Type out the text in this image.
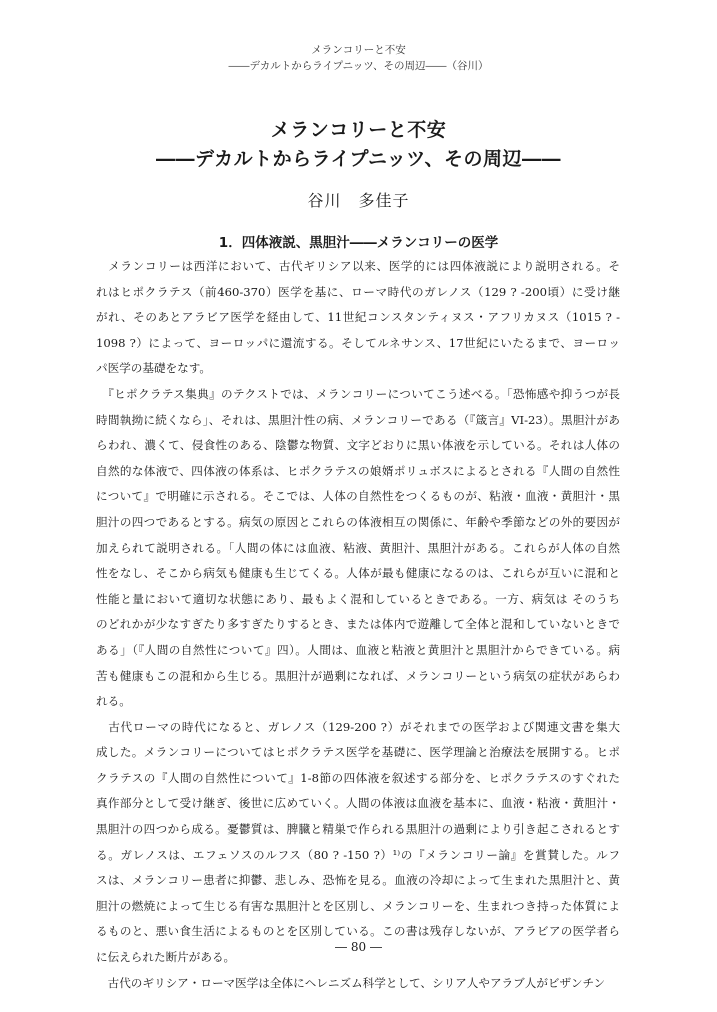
メランコリーと不安
――デカルトからライプニッツ、その周辺――（谷川）
メランコリーと不安
――デカルトからライプニッツ、その周辺――
谷川　多佳子
1．四体液説、黒胆汁――メランコリーの医学
　メランコリーは西洋において、古代ギリシア以来、医学的には四体液説により説明される。そ
れはヒポクラテス（前460-370）医学を基に、ローマ時代のガレノス（129 ? -200頃）に受け継
がれ、そのあとアラビア医学を経由して、11世紀コンスタンティヌス・アフリカヌス（1015 ? -
1098 ?）によって、ヨーロッパに還流する。そしてルネサンス、17世紀にいたるまで、ヨーロッ
パ医学の基礎をなす。
　『ヒポクラテス集典』のテクストでは、メランコリーについてこう述べる。「恐怖感や抑うつが長
時間執拗に続くなら」、それは、黒胆汁性の病、メランコリーである（『箴言』VI-23）。黒胆汁があ
らわれ、濃くて、侵食性のある、陰鬱な物質、文字どおりに黒い体液を示している。それは人体の
自然的な体液で、四体液の体系は、ヒポクラテスの娘婿ポリュボスによるとされる『人間の自然性
について』で明確に示される。そこでは、人体の自然性をつくるものが、粘液・血液・黄胆汁・黒
胆汁の四つであるとする。病気の原因とこれらの体液相互の関係に、年齢や季節などの外的要因が
加えられて説明される。「人間の体には血液、粘液、黄胆汁、黒胆汁がある。これらが人体の自然
性をなし、そこから病気も健康も生じてくる。人体が最も健康になるのは、これらが互いに混和と
性能と量において適切な状態にあり、最もよく混和しているときである。一方、病気は そのうち
のどれかが少なすぎたり多すぎたりするとき、または体内で遊離して全体と混和していないときで
ある」（『人間の自然性について』四）。人間は、血液と粘液と黄胆汁と黒胆汁からできている。病
苦も健康もこの混和から生じる。黒胆汁が過剰になれば、メランコリーという病気の症状があらわ
れる。
　古代ローマの時代になると、ガレノス（129-200 ?）がそれまでの医学および関連文書を集大
成した。メランコリーについてはヒポクラテス医学を基礎に、医学理論と治療法を展開する。ヒポ
クラテスの『人間の自然性について』1-8節の四体液を叙述する部分を、ヒポクラテスのすぐれた
真作部分として受け継ぎ、後世に広めていく。人間の体液は血液を基本に、血液・粘液・黄胆汁・
黒胆汁の四つから成る。憂鬱質は、脾臓と精巣で作られる黒胆汁の過剰により引き起こされるとす
る。ガレノスは、エフェソスのルフス（80 ? -150 ?）¹⁾の『メランコリー論』を賞賛した。ルフ
スは、メランコリー患者に抑鬱、悲しみ、恐怖を見る。血液の冷却によって生まれた黒胆汁と、黄
胆汁の燃焼によって生じる有害な黒胆汁とを区別し、メランコリーを、生まれつき持った体質によ
るものと、悪い食生活によるものとを区別している。この書は残存しないが、アラビアの医学者ら
に伝えられた断片がある。
　古代のギリシア・ローマ医学は全体にヘレニズム科学として、シリア人やアラブ人がビザンチン
― 80 ―
